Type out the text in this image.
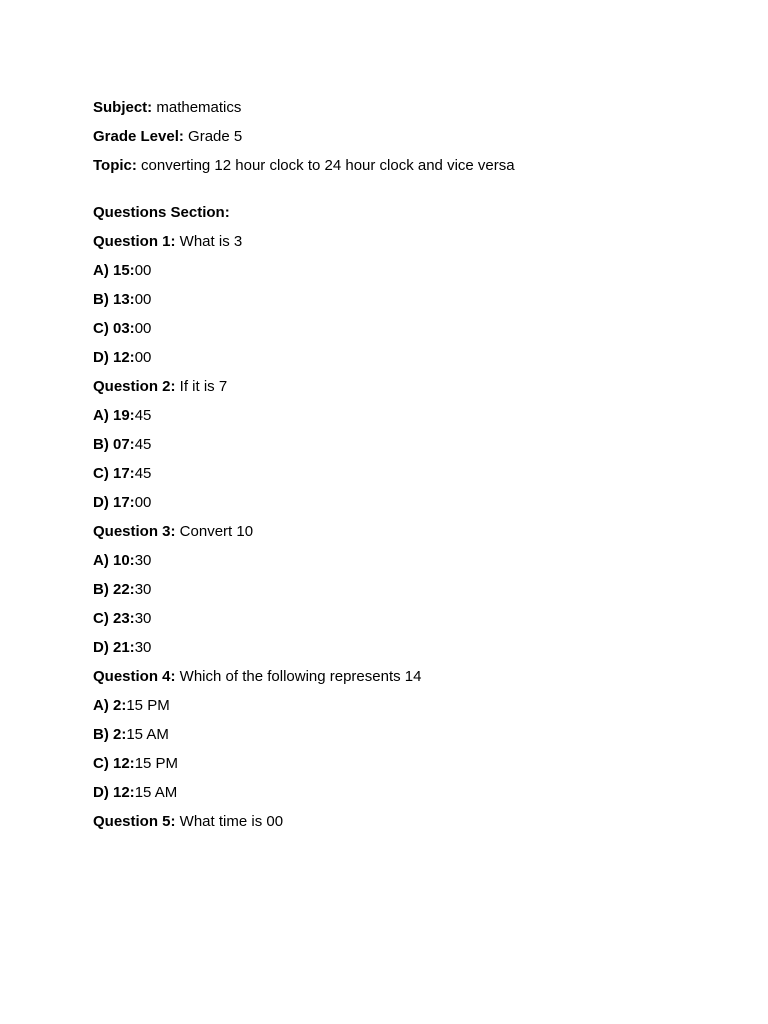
Subject: mathematics
Grade Level: Grade 5
Topic: converting 12 hour clock to 24 hour clock and vice versa
Questions Section:
Question 1: What is 3
A) 15:00
B) 13:00
C) 03:00
D) 12:00
Question 2: If it is 7
A) 19:45
B) 07:45
C) 17:45
D) 17:00
Question 3: Convert 10
A) 10:30
B) 22:30
C) 23:30
D) 21:30
Question 4: Which of the following represents 14
A) 2:15 PM
B) 2:15 AM
C) 12:15 PM
D) 12:15 AM
Question 5: What time is 00
